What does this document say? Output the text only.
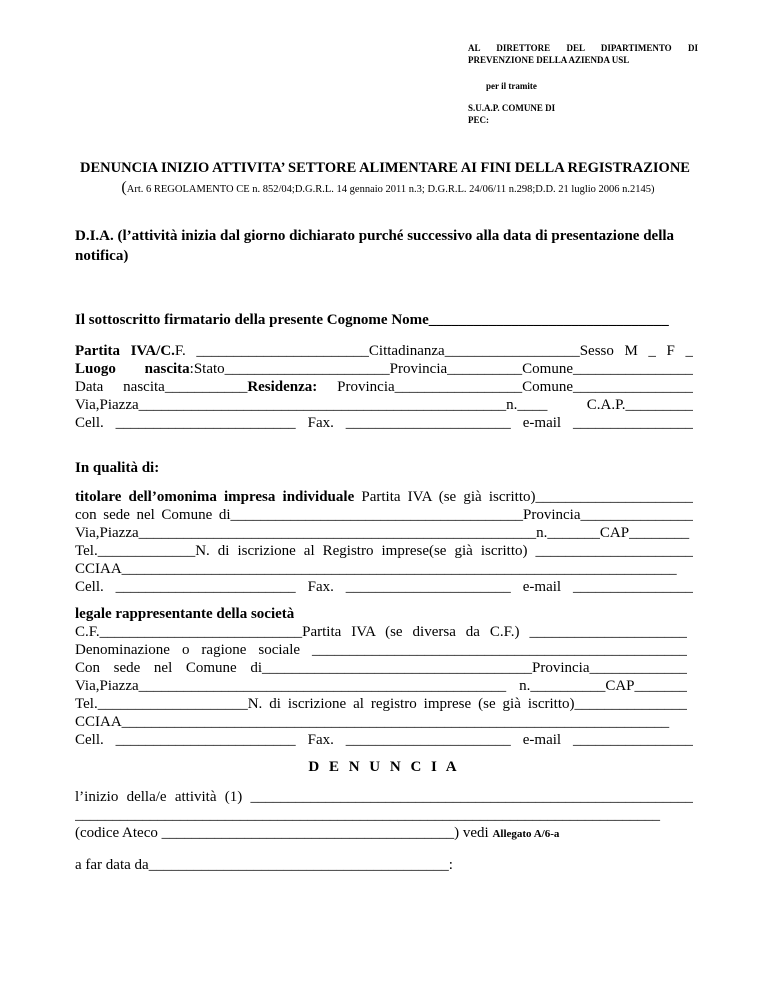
AL DIRETTORE DEL DIPARTIMENTO DI
PREVENZIONE DELLA AZIENDA USL
per il tramite
S.U.A.P. COMUNE DI
PEC:
DENUNCIA INIZIO ATTIVITA’ SETTORE ALIMENTARE AI FINI DELLA REGISTRAZIONE
(Art. 6 REGOLAMENTO CE n. 852/04;D.G.R.L. 14 gennaio 2011 n.3; D.G.R.L. 24/06/11 n.298;D.D. 21 luglio 2006 n.2145)
D.I.A. (l’attività inizia dal giorno dichiarato purché successivo alla data di presentazione della
notifica)
Il sottoscritto firmatario della presente Cognome Nome________________________________
Partita IVA/C.F. _______________________Cittadinanza__________________Sesso M _ F _
Luogo nascita:Stato______________________Provincia__________Comune________________
Data nascita___________Residenza: Provincia_________________Comune________________
Via,Piazza_________________________________________________n.____ C.A.P._________
Cell. ________________________ Fax. ______________________ e-mail ________________
In qualità di:
titolare dell’omonima impresa individuale Partita IVA (se già iscritto)_____________________
con sede nel Comune di_______________________________________Provincia_______________
Via,Piazza_____________________________________________________n._______CAP________
Tel._____________N. di iscrizione al Registro imprese(se già iscritto) _____________________
CCIAA__________________________________________________________________________
Cell. ________________________ Fax. ______________________ e-mail ________________
legale rappresentante della società
C.F.___________________________Partita IVA (se diversa da C.F.) _____________________
Denominazione o ragione sociale __________________________________________________
Con sede nel Comune di____________________________________Provincia_____________
Via,Piazza_________________________________________________ n.__________CAP_______
Tel.____________________N. di iscrizione al registro imprese (se già iscritto)_______________
CCIAA_________________________________________________________________________
Cell. ________________________ Fax. ______________________ e-mail ________________
D E N U N C I A
l’inizio della/e attività (1) ___________________________________________________________
______________________________________________________________________________
(codice Ateco _______________________________________) vedi Allegato A/6-a
a far data da________________________________________:
